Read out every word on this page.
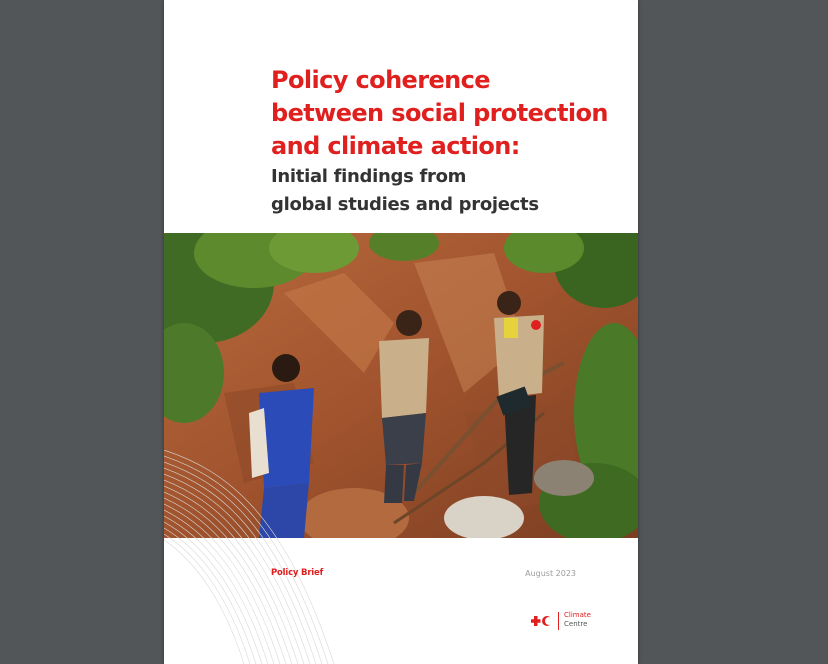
Policy coherence
between social protection
and climate action:
Initial findings from
global studies and projects
Policy Brief	August 2023
Climate
Centre
